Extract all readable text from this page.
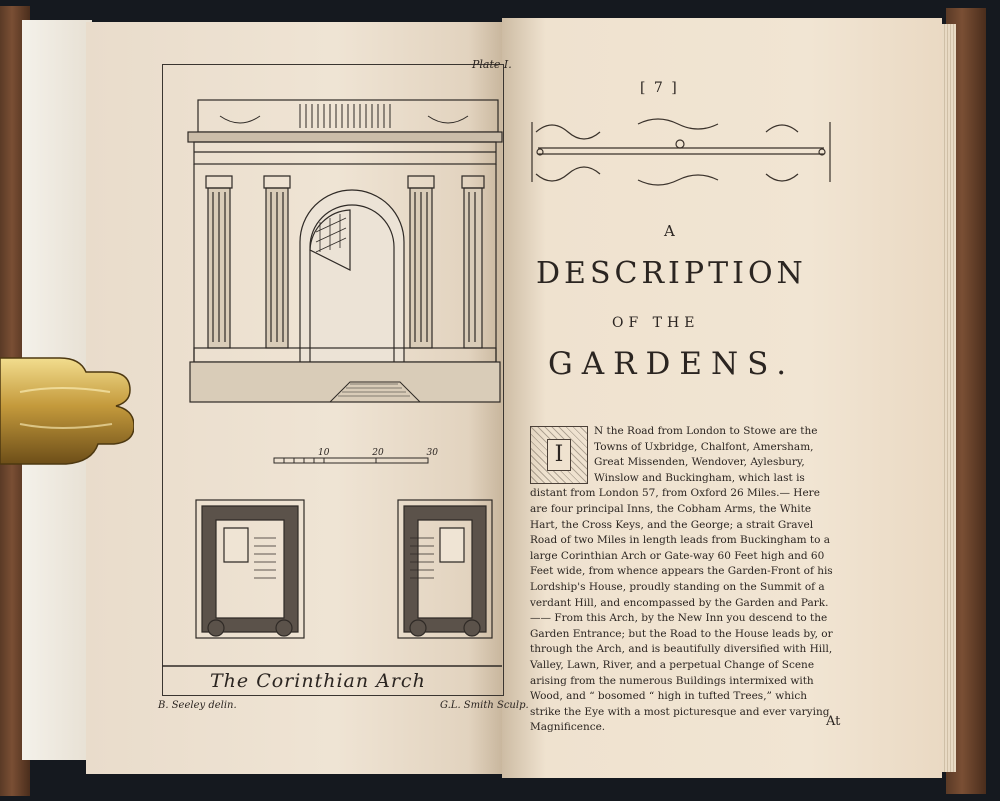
Plate I.

10	20	30

The Corinthian Arch

B. Seeley delin.	G.L. Smith Sculp.

[ 7 ]

A

DESCRIPTION

OF THE

GARDENS.

I
N the Road from London to Stowe are the Towns of Uxbridge, Chalfont, Amersham, Great Missenden, Wendover, Aylesbury, Winslow and Buckingham, which last is distant from London 57, from Oxford 26 Miles.— Here are four principal Inns, the Cobham Arms, the White Hart, the Cross Keys, and the George; a strait Gravel Road of two Miles in length leads from Buckingham to a large Corinthian Arch or Gate-way 60 Feet high and 60 Feet wide, from whence appears the Garden-Front of his Lordship's House, proudly standing on the Summit of a verdant Hill, and encompassed by the Garden and Park.—— From this Arch, by the New Inn you descend to the Garden Entrance; but the Road to the House leads by, or through the Arch, and is beautifully diversified with Hill, Valley, Lawn, River, and a perpetual Change of Scene arising from the numerous Buildings intermixed with Wood, and “ bosomed “ high in tufted Trees,” which strike the Eye with a most picturesque and ever varying Magnificence.	At
